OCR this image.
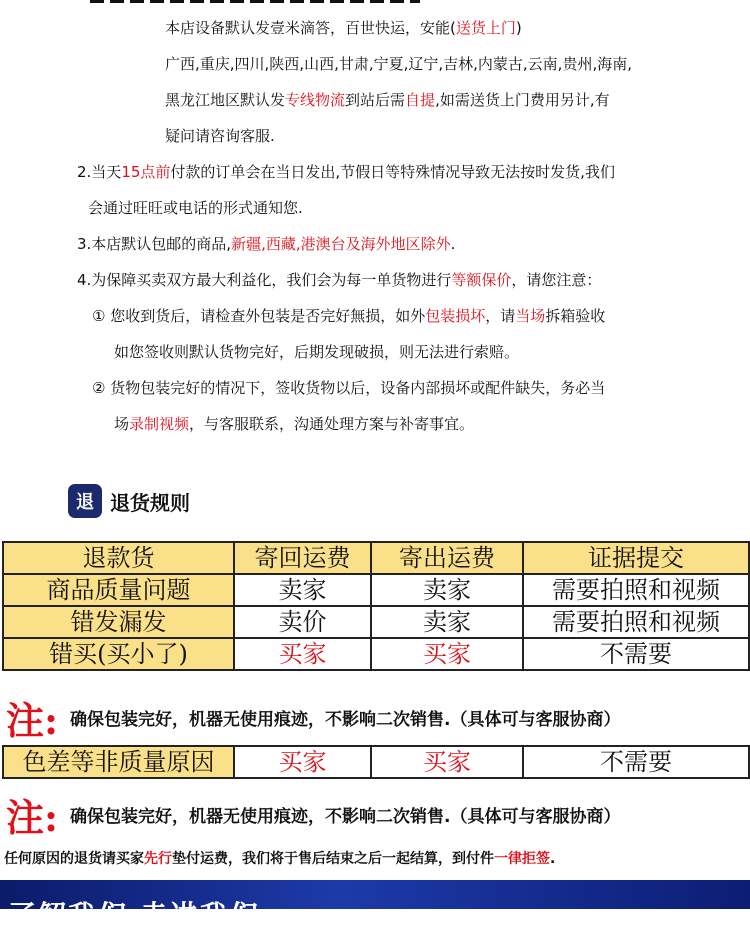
本店设备默认发壹米滴答，百世快运，安能(送货上门)
广西,重庆,四川,陕西,山西,甘肃,宁夏,辽宁,吉林,内蒙古,云南,贵州,海南,
黑龙江地区默认发专线物流到站后需自提,如需送货上门费用另计,有
疑问请咨询客服.
2.当天15点前付款的订单会在当日发出,节假日等特殊情况导致无法按时发货,我们
会通过旺旺或电话的形式通知您.
3.本店默认包邮的商品,新疆,西藏,港澳台及海外地区除外.
4.为保障买卖双方最大利益化，我们会为每一单货物进行等额保价，请您注意：
① 您收到货后，请检查外包装是否完好無损，如外包装损坏，请当场拆箱验收
如您签收则默认货物完好，后期发现破损，则无法进行索赔。
② 货物包装完好的情况下，签收货物以后，设备内部损坏或配件缺失，务必当
场录制视频，与客服联系，沟通处理方案与补寄事宜。
退 退货规则
退款货	寄回运费	寄出运费	证据提交
商品质量问题	卖家	卖家	需要拍照和视频
错发漏发	卖价	卖家	需要拍照和视频
错买(买小了)	买家	买家	不需要
注: 确保包装完好，机器无使用痕迹，不影响二次销售.（具体可与客服协商）
色差等非质量原因	买家	买家	不需要
注: 确保包装完好，机器无使用痕迹，不影响二次销售.（具体可与客服协商）
任何原因的退货请买家先行垫付运费，我们将于售后结束之后一起结算，到付件一律拒签.
了解我们 走进我们
